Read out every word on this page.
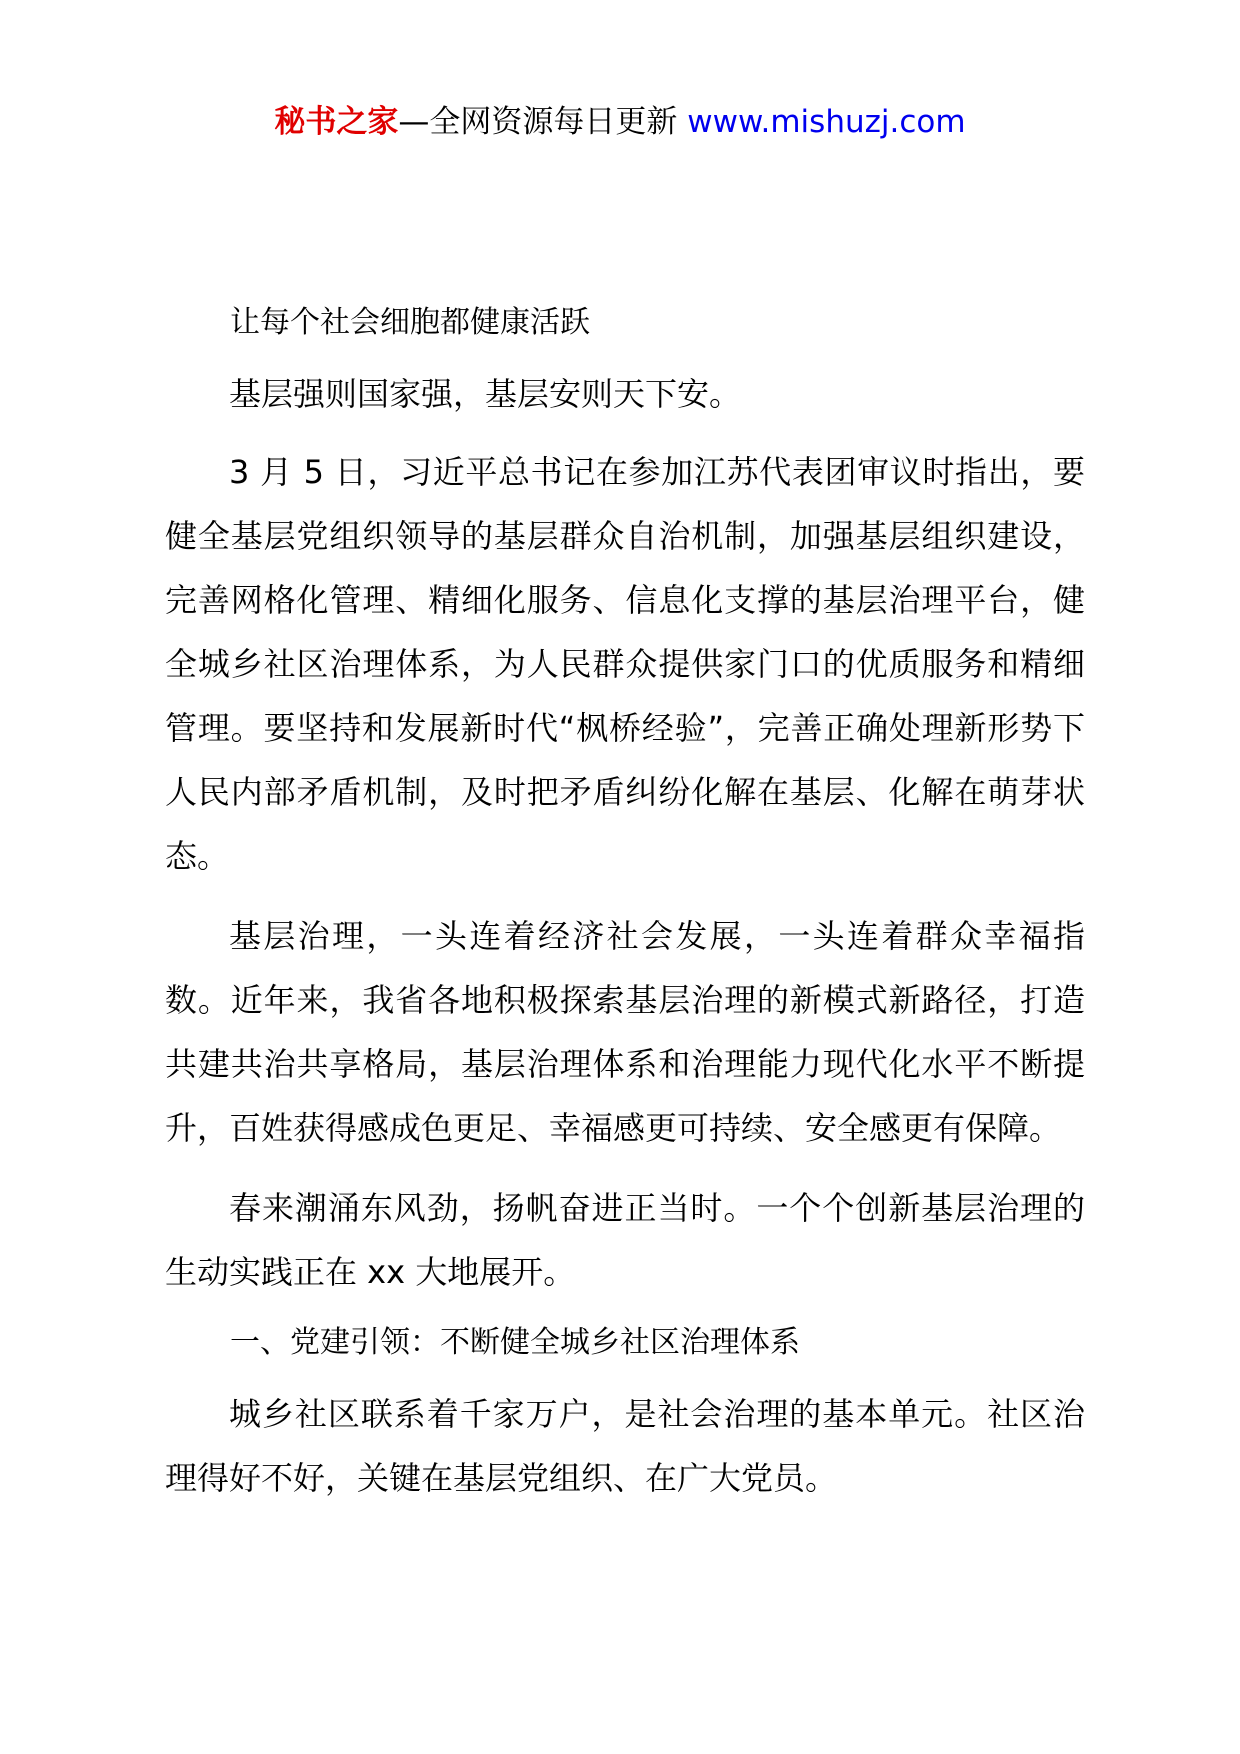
秘书之家—全网资源每日更新 www.mishuzj.com
让每个社会细胞都健康活跃

基层强则国家强，基层安则天下安。

3 月 5 日，习近平总书记在参加江苏代表团审议时指出，要健全基层党组织领导的基层群众自治机制，加强基层组织建设，完善网格化管理、精细化服务、信息化支撑的基层治理平台，健全城乡社区治理体系，为人民群众提供家门口的优质服务和精细管理。要坚持和发展新时代“枫桥经验”，完善正确处理新形势下人民内部矛盾机制，及时把矛盾纠纷化解在基层、化解在萌芽状态。

基层治理，一头连着经济社会发展，一头连着群众幸福指数。近年来，我省各地积极探索基层治理的新模式新路径，打造共建共治共享格局，基层治理体系和治理能力现代化水平不断提升，百姓获得感成色更足、幸福感更可持续、安全感更有保障。

春来潮涌东风劲，扬帆奋进正当时。一个个创新基层治理的生动实践正在 xx 大地展开。

一、党建引领：不断健全城乡社区治理体系

城乡社区联系着千家万户，是社会治理的基本单元。社区治理得好不好，关键在基层党组织、在广大党员。
